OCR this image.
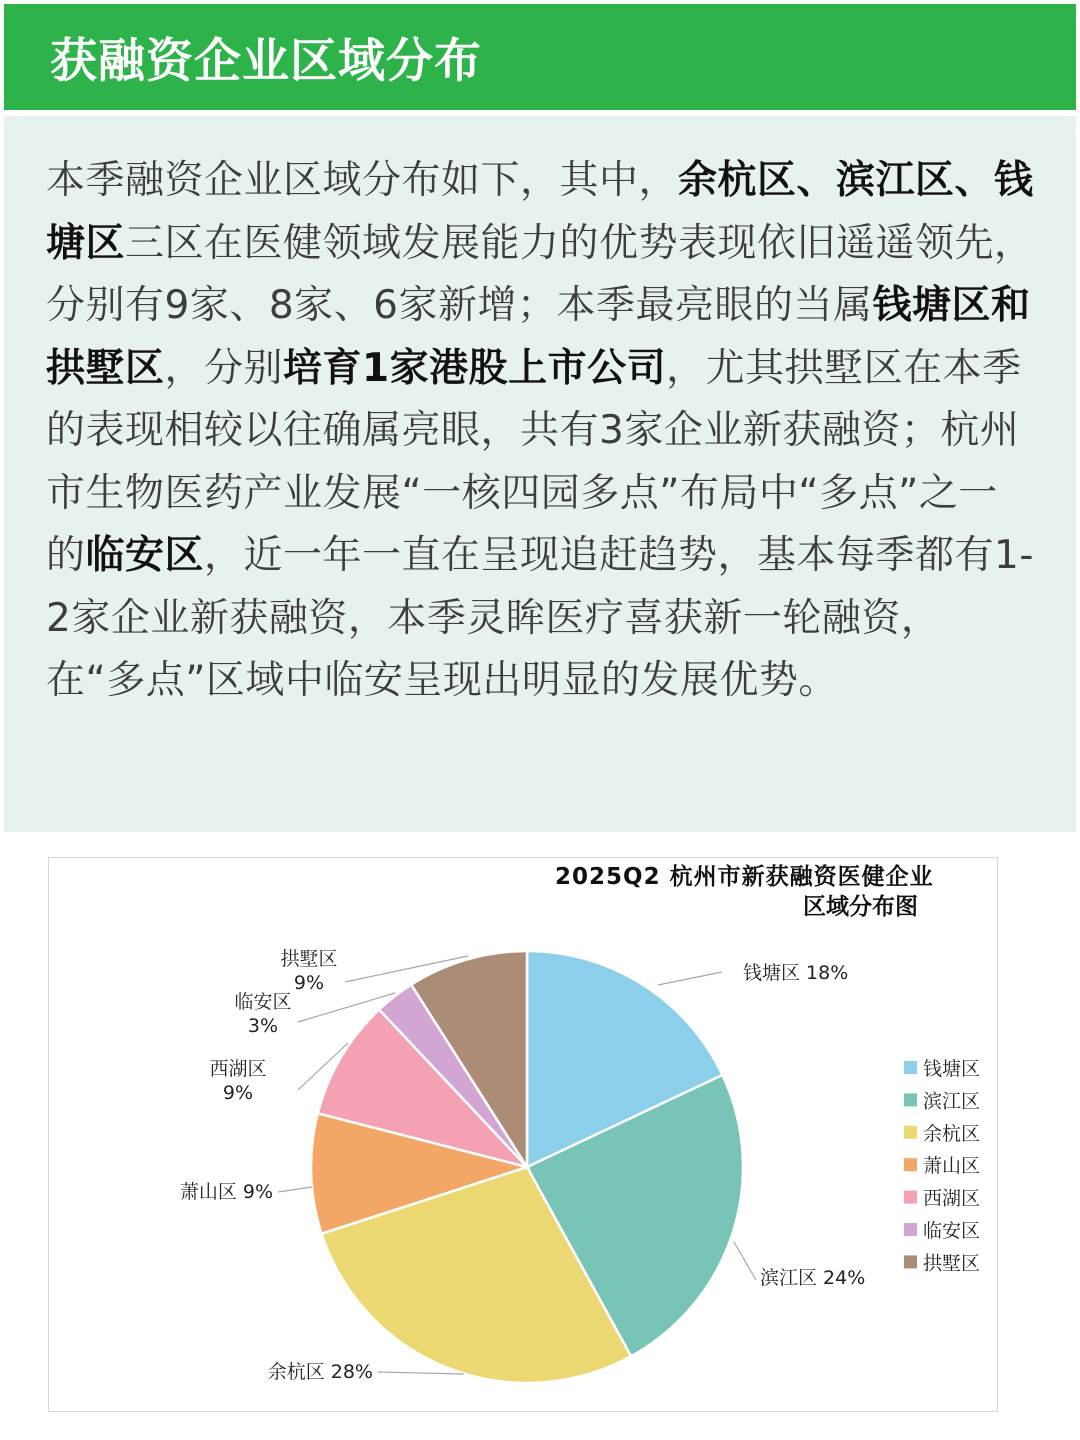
获融资企业区域分布

本季融资企业区域分布如下，其中，余杭区、滨江区、钱塘区三区在医健领域发展能力的优势表现依旧遥遥领先，分别有9家、8家、6家新增；本季最亮眼的当属钱塘区和拱墅区，分别培育1家港股上市公司，尤其拱墅区在本季的表现相较以往确属亮眼，共有3家企业新获融资；杭州市生物医药产业发展“一核四园多点”布局中“多点”之一的临安区，近一年一直在呈现追赶趋势，基本每季都有1-2家企业新获融资，本季灵眸医疗喜获新一轮融资，在“多点”区域中临安呈现出明显的发展优势。

钱塘区 18%
滨江区 24%
余杭区 28%
萧山区 9%
西湖区 9%
临安区 3%
拱墅区 9%
钱塘区
滨江区
余杭区
萧山区
西湖区
临安区
拱墅区
2025Q2 杭州市新获融资医健企业
区域分布图
